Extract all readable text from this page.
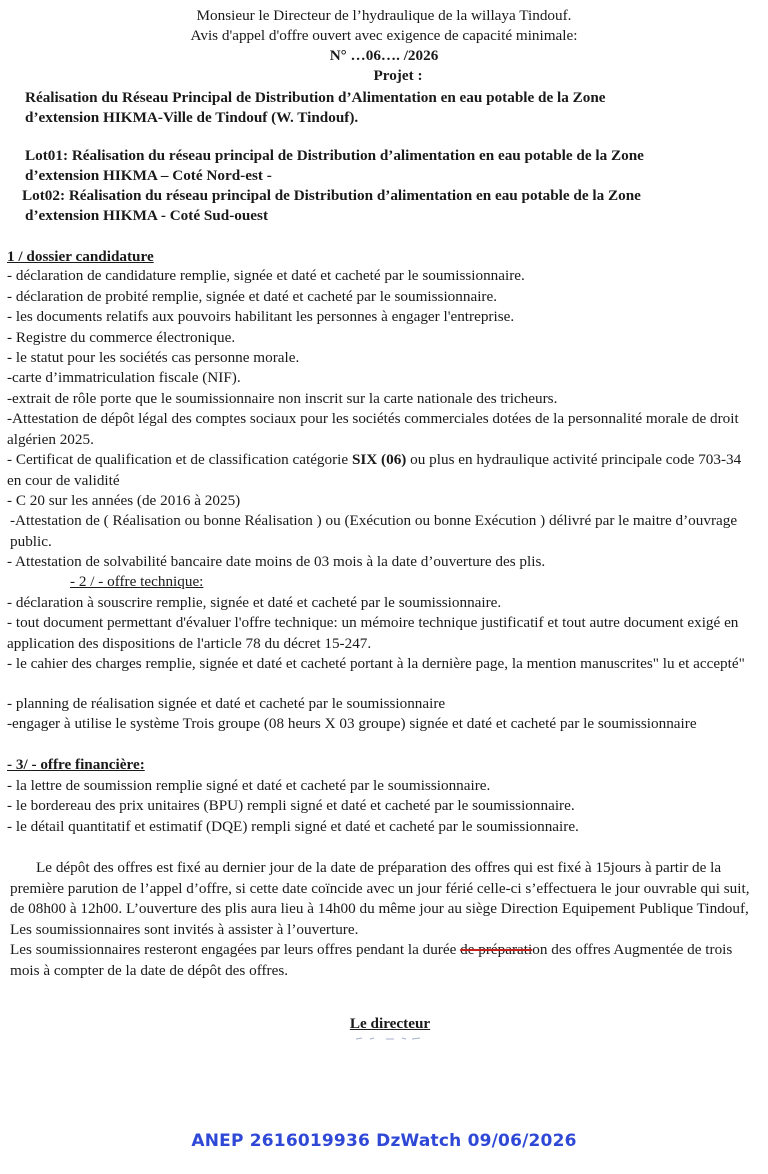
Monsieur le Directeur de l’hydraulique de la willaya Tindouf.
Avis d'appel d'offre ouvert avec exigence de capacité minimale:
N° …06…. /2026
Projet :
Réalisation du Réseau Principal de Distribution d’Alimentation en eau potable de la Zone
d’extension HIKMA-Ville de Tindouf (W. Tindouf).
Lot01: Réalisation du réseau principal de Distribution d’alimentation en eau potable de la Zone
d’extension HIKMA – Coté Nord-est -
Lot02: Réalisation du réseau principal de Distribution d’alimentation en eau potable de la Zone
d’extension HIKMA - Coté Sud-ouest
1 / dossier candidature
- déclaration de candidature remplie, signée et daté et cacheté par le soumissionnaire.
- déclaration de probité remplie, signée et daté et cacheté par le soumissionnaire.
- les documents relatifs aux pouvoirs habilitant les personnes à engager l'entreprise.
- Registre du commerce électronique.
- le statut pour les sociétés cas personne morale.
-carte d’immatriculation fiscale (NIF).
-extrait de rôle porte que le soumissionnaire non inscrit sur la carte nationale des tricheurs.
-Attestation de dépôt légal des comptes sociaux pour les sociétés commerciales dotées de la personnalité morale de droit algérien 2025.
- Certificat de qualification et de classification catégorie SIX (06) ou plus en hydraulique activité principale code 703-34 en cour de validité
- C 20 sur les années (de 2016 à 2025)
-Attestation de ( Réalisation ou bonne Réalisation ) ou (Exécution ou bonne Exécution ) délivré par le maitre d’ouvrage public.
- Attestation de solvabilité bancaire date moins de 03 mois à la date d’ouverture des plis.
- 2 / - offre technique:
- déclaration à souscrire remplie, signée et daté et cacheté par le soumissionnaire.
- tout document permettant d'évaluer l'offre technique: un mémoire technique justificatif et tout autre document exigé en application des dispositions de l'article 78 du décret 15-247.
- le cahier des charges remplie, signée et daté et cacheté portant à la dernière page, la mention manuscrites" lu et accepté"
- planning de réalisation signée et daté et cacheté par le soumissionnaire
-engager à utilise le système Trois groupe (08 heurs X 03 groupe) signée et daté et cacheté par le soumissionnaire
- 3/ - offre financière:
- la lettre de soumission remplie signé et daté et cacheté par le soumissionnaire.
- le bordereau des prix unitaires (BPU) rempli signé et daté et cacheté par le soumissionnaire.
- le détail quantitatif et estimatif (DQE) rempli signé et daté et cacheté par le soumissionnaire.
Le dépôt des offres est fixé au dernier jour de la date de préparation des offres qui est fixé à 15jours à partir de la première parution de l’appel d’offre, si cette date coïncide avec un jour férié celle-ci s’effectuera le jour ouvrable qui suit, de 08h00 à 12h00. L’ouverture des plis aura lieu à 14h00 du même jour au siège Direction Equipement Publique Tindouf, Les soumissionnaires sont invités à assister à l’ouverture.
Les soumissionnaires resteront engagées par leurs offres pendant la durée de préparation des offres Augmentée de trois mois à compter de la date de dépôt des offres.
Le directeur
ANEP 2616019936 DzWatch 09/06/2026
